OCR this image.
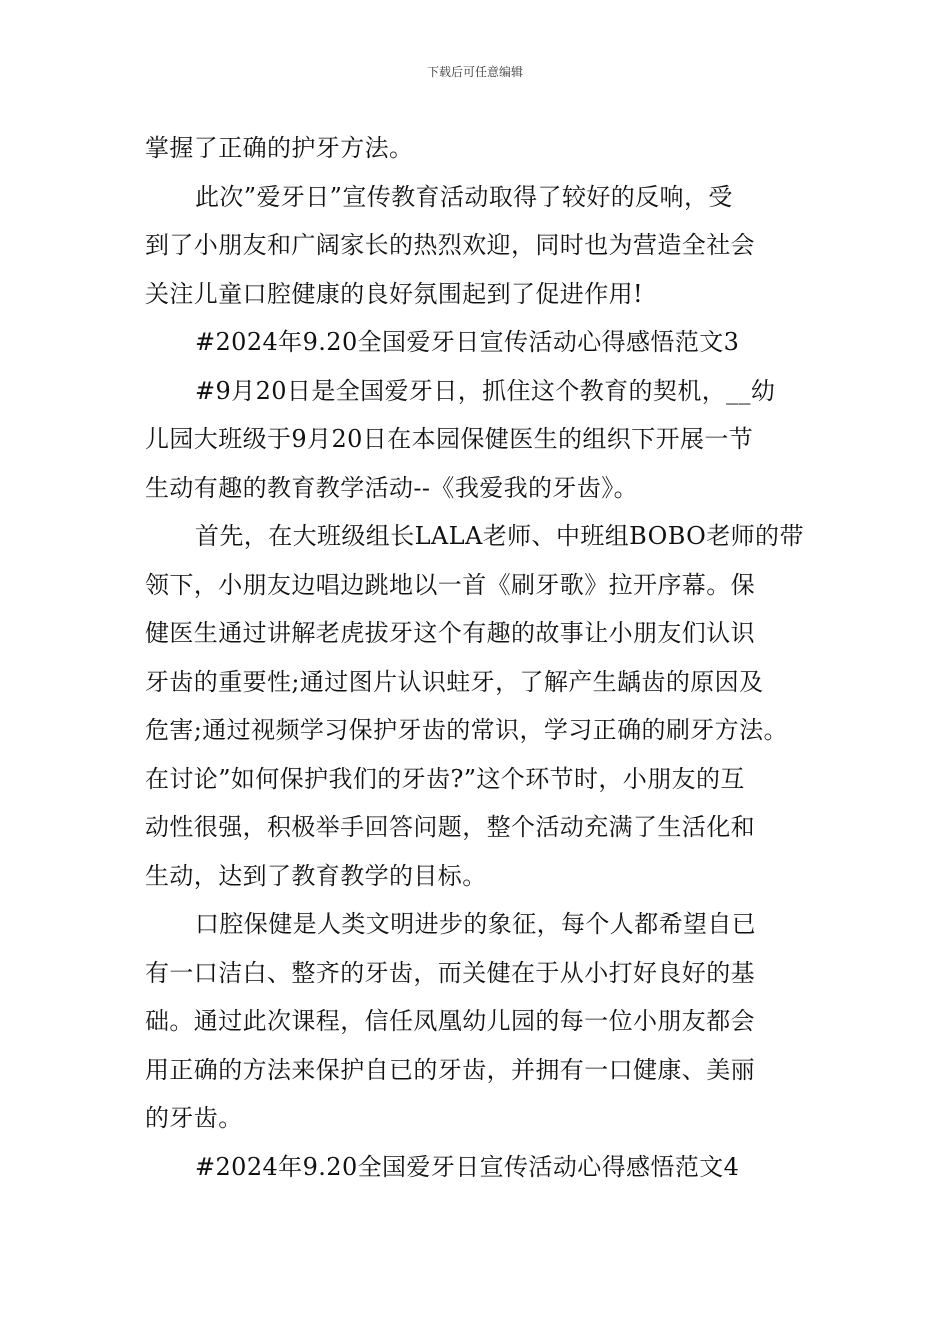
下载后可任意编辑
掌握了正确的护牙方法。
此次”爱牙日”宣传教育活动取得了较好的反响，受
到了小朋友和广阔家长的热烈欢迎，同时也为营造全社会
关注儿童口腔健康的良好氛围起到了促进作用!
#2024年9.20全国爱牙日宣传活动心得感悟范文3
#9月20日是全国爱牙日，抓住这个教育的契机，__幼
儿园大班级于9月20日在本园保健医生的组织下开展一节
生动有趣的教育教学活动--《我爱我的牙齿》。
首先，在大班级组长LALA老师、中班组BOBO老师的带
领下，小朋友边唱边跳地以一首《刷牙歌》拉开序幕。保
健医生通过讲解老虎拔牙这个有趣的故事让小朋友们认识
牙齿的重要性;通过图片认识蛀牙，了解产生龋齿的原因及
危害;通过视频学习保护牙齿的常识，学习正确的刷牙方法。
在讨论”如何保护我们的牙齿?”这个环节时，小朋友的互
动性很强，积极举手回答问题，整个活动充满了生活化和
生动，达到了教育教学的目标。
口腔保健是人类文明进步的象征，每个人都希望自已
有一口洁白、整齐的牙齿，而关健在于从小打好良好的基
础。通过此次课程，信任凤凰幼儿园的每一位小朋友都会
用正确的方法来保护自已的牙齿，并拥有一口健康、美丽
的牙齿。
#2024年9.20全国爱牙日宣传活动心得感悟范文4
